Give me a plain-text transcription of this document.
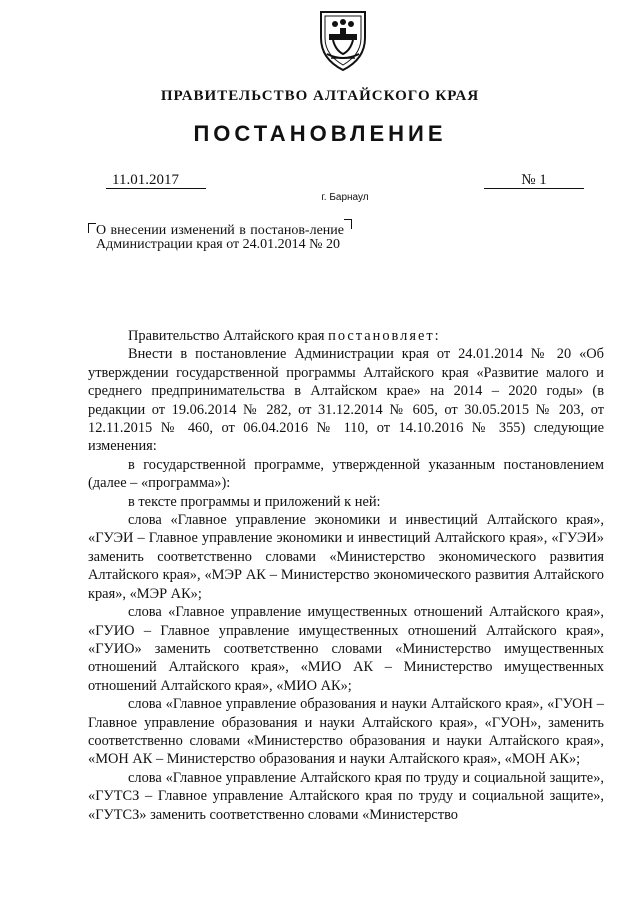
ПРАВИТЕЛЬСТВО АЛТАЙСКОГО КРАЯ
ПОСТАНОВЛЕНИЕ
11.01.2017	№ 1
г. Барнаул
О внесении изменений в постанов-ление Администрации края от 24.01.2014 № 20

Правительство Алтайского края постановляет:

Внести в постановление Администрации края от 24.01.2014 № 20 «Об утверждении государственной программы Алтайского края «Развитие малого и среднего предпринимательства в Алтайском крае» на 2014 – 2020 годы» (в редакции от 19.06.2014 № 282, от 31.12.2014 № 605, от 30.05.2015 № 203, от 12.11.2015 № 460, от 06.04.2016 № 110, от 14.10.2016 № 355) следующие изменения:

в государственной программе, утвержденной указанным постановлением (далее – «программа»):

в тексте программы и приложений к ней:

слова «Главное управление экономики и инвестиций Алтайского края», «ГУЭИ – Главное управление экономики и инвестиций Алтайского края», «ГУЭИ» заменить соответственно словами «Министерство экономического развития Алтайского края», «МЭР АК – Министерство экономического развития Алтайского края», «МЭР АК»;

слова «Главное управление имущественных отношений Алтайского края», «ГУИО – Главное управление имущественных отношений Алтайского края», «ГУИО» заменить соответственно словами «Министерство имущественных отношений Алтайского края», «МИО АК – Министерство имущественных отношений Алтайского края», «МИО АК»;

слова «Главное управление образования и науки Алтайского края», «ГУОН – Главное управление образования и науки Алтайского края», «ГУОН», заменить соответственно словами «Министерство образования и науки Алтайского края», «МОН АК – Министерство образования и науки Алтайского края», «МОН АК»;

слова «Главное управление Алтайского края по труду и социальной защите», «ГУТСЗ – Главное управление Алтайского края по труду и социальной защите», «ГУТСЗ» заменить соответственно словами «Министерство
